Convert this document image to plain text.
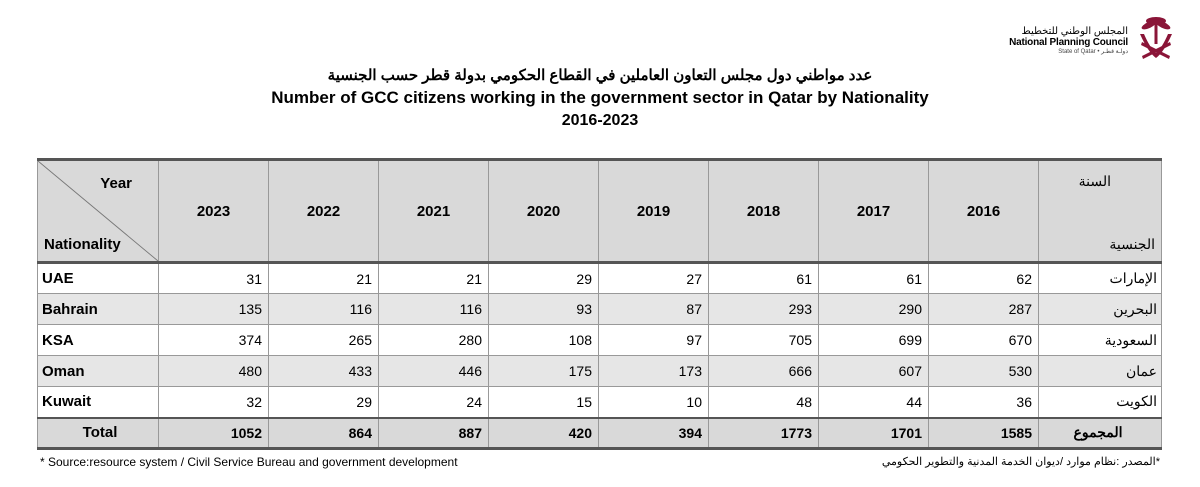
المجلس الوطني للتخطيط
National Planning Council
State of Qatar • دولـة قطـر
عدد مواطني دول مجلس التعاون العاملين في القطاع الحكومي بدولة قطر حسب الجنسية
Number of GCC citizens working in the government sector in Qatar by Nationality
2016-2023
Year
Nationality	2023	2022	2021	2020	2019	2018	2017	2016	السنة
الجنسية

UAE	31	21	21	29	27	61	61	62	الإمارات
Bahrain	135	116	116	93	87	293	290	287	البحرين
KSA	374	265	280	108	97	705	699	670	السعودية
Oman	480	433	446	175	173	666	607	530	عمان
Kuwait	32	29	24	15	10	48	44	36	الكويت
Total	1052	864	887	420	394	1773	1701	1585	المجموع
* Source:resource system / Civil Service Bureau and government development	*المصدر :نظام موارد /ديوان الخدمة المدنية والتطوير الحكومي
